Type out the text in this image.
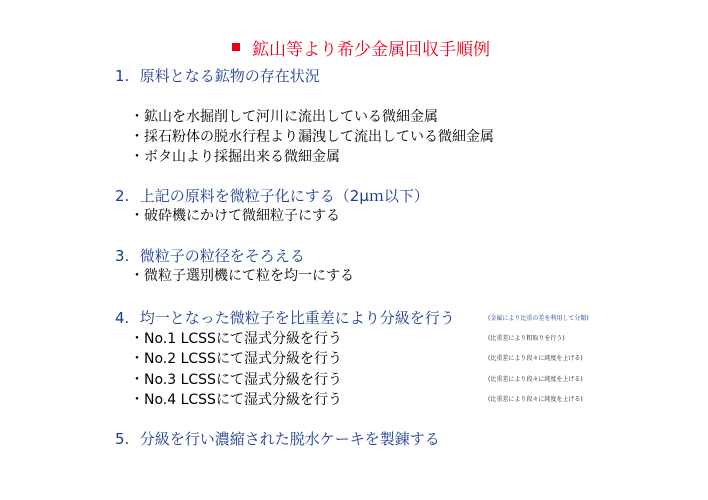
鉱山等より希少金属回収手順例
1. 原料となる鉱物の存在状況
・鉱山を水掘削して河川に流出している微細金属
・採石粉体の脱水行程より漏洩して流出している微細金属
・ボタ山より採掘出来る微細金属
2. 上記の原料を微粒子化にする（2μｍ以下）
・破砕機にかけて微細粒子にする
3. 微粒子の粒径をそろえる
・微粒子選別機にて粒を均一にする
4. 均一となった微粒子を比重差により分級を行う	(金属により比重の差を利用して分類)
・No.1 LCSSにて湿式分級を行う	(比重差により粗取りを行う)
・No.2 LCSSにて湿式分級を行う	(比重差により段々に純度を上げる)
・No.3 LCSSにて湿式分級を行う	(比重差により段々に純度を上げる)
・No.4 LCSSにて湿式分級を行う	(比重差により段々に純度を上げる)
5. 分級を行い濃縮された脱水ケーキを製錬する
